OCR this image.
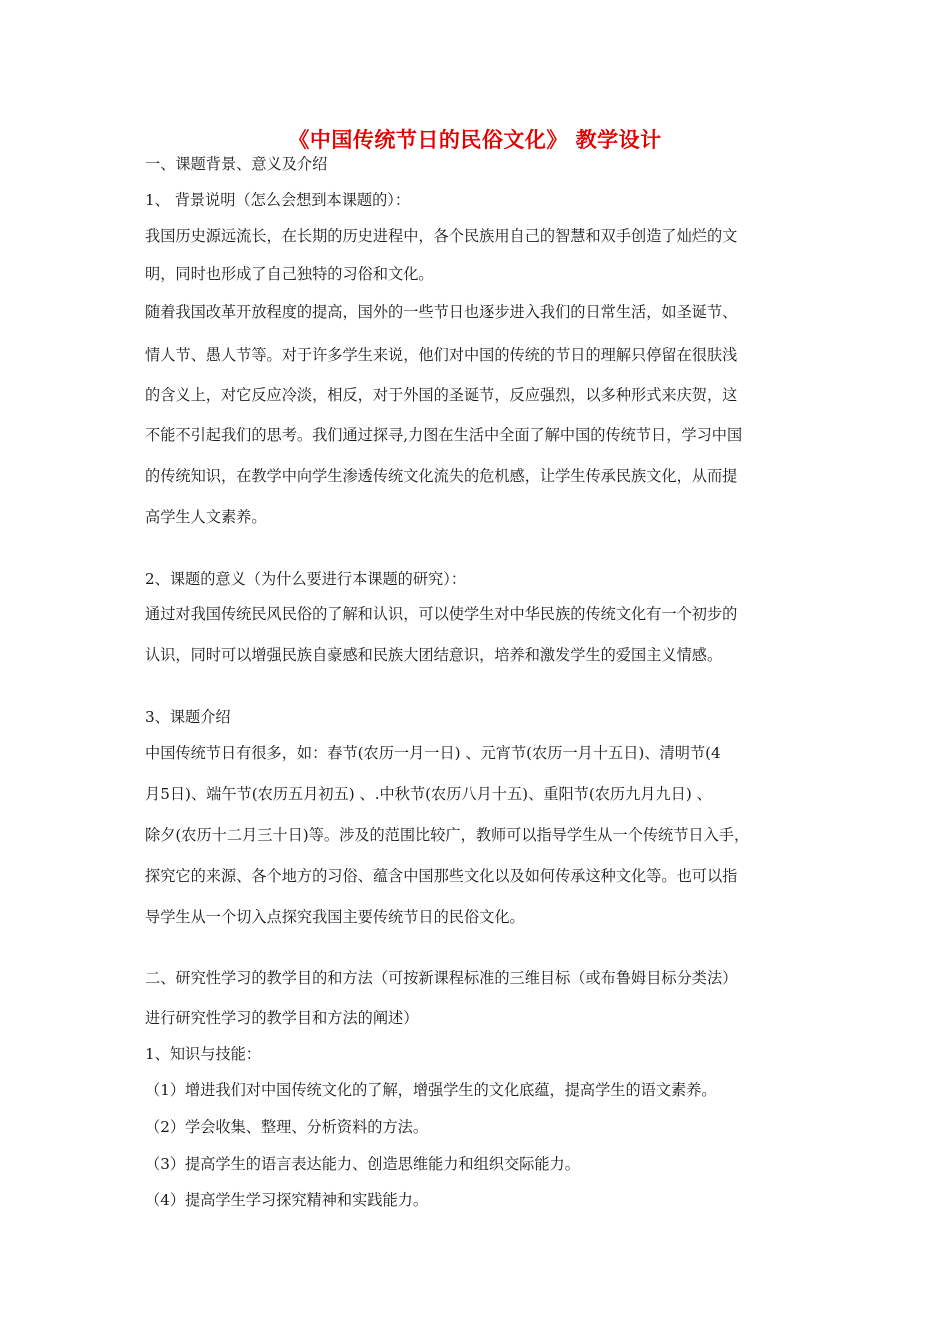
《中国传统节日的民俗文化》 教学设计
一、课题背景、意义及介绍
1、 背景说明（怎么会想到本课题的）：
我国历史源远流长，在长期的历史进程中，各个民族用自己的智慧和双手创造了灿烂的文
明，同时也形成了自己独特的习俗和文化。
随着我国改革开放程度的提高，国外的一些节日也逐步进入我们的日常生活，如圣诞节、
情人节、愚人节等。对于许多学生来说，他们对中国的传统的节日的理解只停留在很肤浅
的含义上，对它反应冷淡，相反，对于外国的圣诞节，反应强烈，以多种形式来庆贺，这
不能不引起我们的思考。我们通过探寻,力图在生活中全面了解中国的传统节日，学习中国
的传统知识，在教学中向学生渗透传统文化流失的危机感，让学生传承民族文化，从而提
高学生人文素养。
2、课题的意义（为什么要进行本课题的研究）：
通过对我国传统民风民俗的了解和认识，可以使学生对中华民族的传统文化有一个初步的
认识，同时可以增强民族自豪感和民族大团结意识，培养和激发学生的爱国主义情感。
3、课题介绍
中国传统节日有很多，如：春节(农历一月一日) 、元宵节(农历一月十五日)、清明节(4
月5日)、端午节(农历五月初五) 、.中秋节(农历八月十五)、重阳节(农历九月九日) 、
除夕(农历十二月三十日)等。涉及的范围比较广，教师可以指导学生从一个传统节日入手，
探究它的来源、各个地方的习俗、蕴含中国那些文化以及如何传承这种文化等。也可以指
导学生从一个切入点探究我国主要传统节日的民俗文化。
二、研究性学习的教学目的和方法（可按新课程标准的三维目标（或布鲁姆目标分类法）
进行研究性学习的教学目和方法的阐述）
1、知识与技能：
（1）增进我们对中国传统文化的了解，增强学生的文化底蕴，提高学生的语文素养。
（2）学会收集、整理、分析资料的方法。
（3）提高学生的语言表达能力、创造思维能力和组织交际能力。
（4）提高学生学习探究精神和实践能力。
